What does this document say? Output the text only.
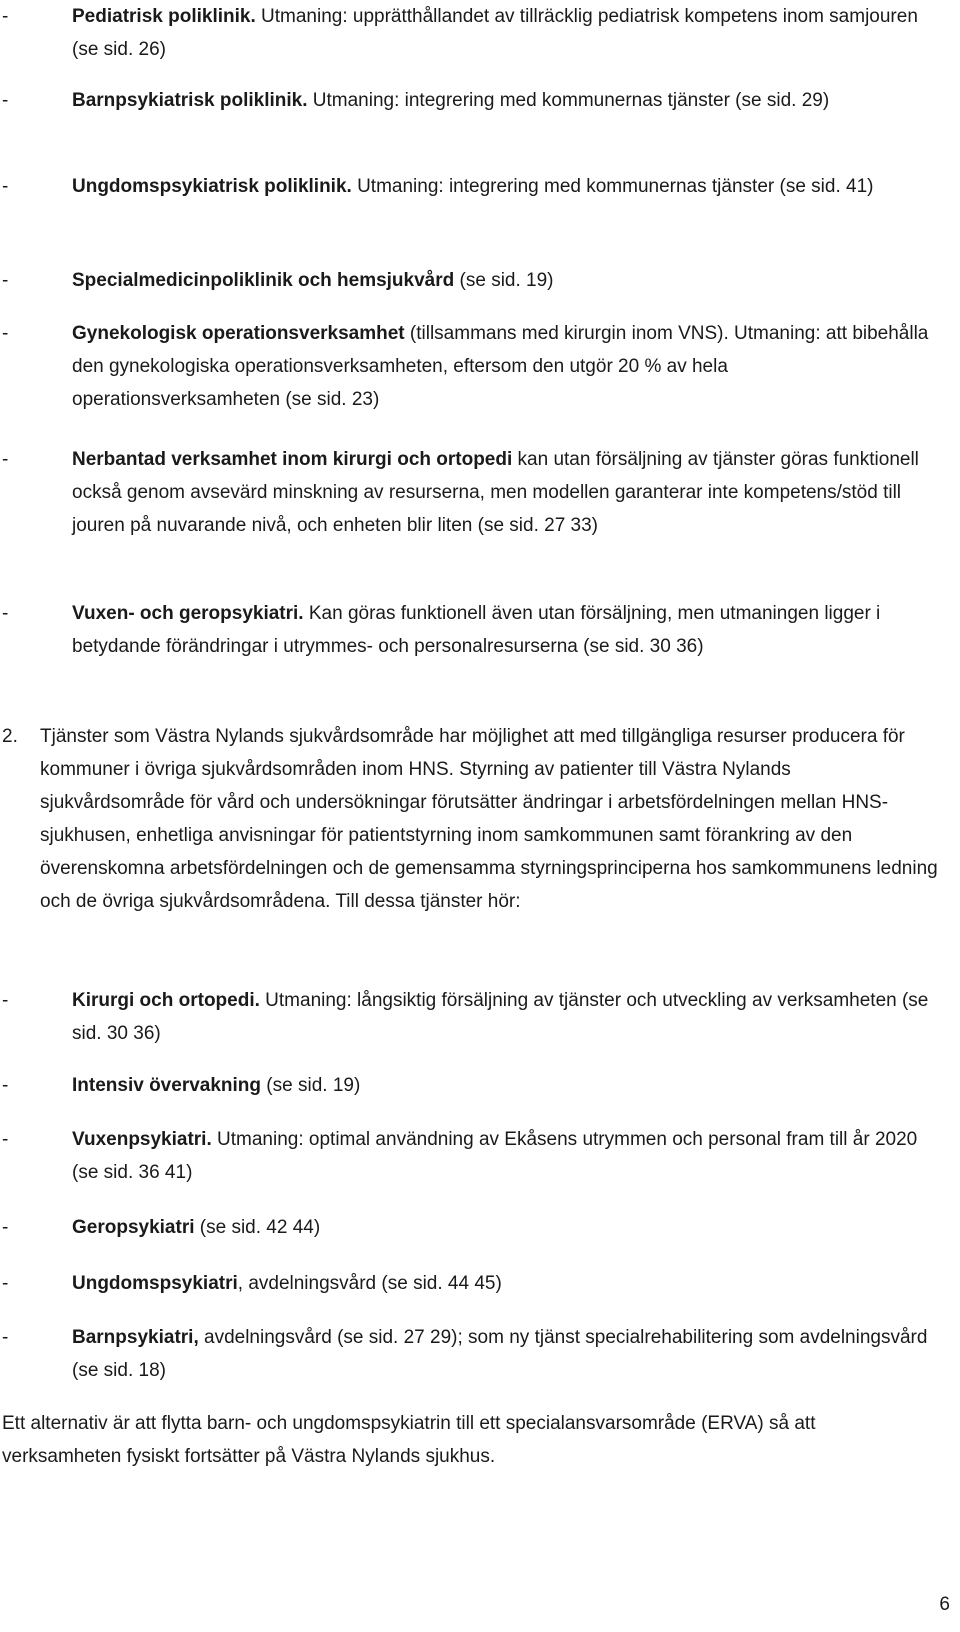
-	Pediatrisk poliklinik. Utmaning: upprätthållandet av tillräcklig pediatrisk kompetens inom samjouren (se sid. 26)
-	Barnpsykiatrisk poliklinik. Utmaning: integrering med kommunernas tjänster (se sid. 29)
-	Ungdomspsykiatrisk poliklinik. Utmaning: integrering med kommunernas tjänster (se sid. 41)
-	Specialmedicinpoliklinik och hemsjukvård (se sid. 19)
-	Gynekologisk operationsverksamhet (tillsammans med kirurgin inom VNS). Utmaning: att bibehålla den gynekologiska operationsverksamheten, eftersom den utgör 20 % av hela operationsverksamheten (se sid. 23)
-	Nerbantad verksamhet inom kirurgi och ortopedi kan utan försäljning av tjänster göras funktionell också genom avsevärd minskning av resurserna, men modellen garanterar inte kompetens/stöd till jouren på nuvarande nivå, och enheten blir liten (se sid. 27 33)
-	Vuxen- och geropsykiatri. Kan göras funktionell även utan försäljning, men utmaningen ligger i betydande förändringar i utrymmes- och personalresurserna (se sid. 30 36)
2.	Tjänster som Västra Nylands sjukvårdsområde har möjlighet att med tillgängliga resurser producera för kommuner i övriga sjukvårdsområden inom HNS. Styrning av patienter till Västra Nylands sjukvårdsområde för vård och undersökningar förutsätter ändringar i arbetsfördelningen mellan HNS-sjukhusen, enhetliga anvisningar för patientstyrning inom samkommunen samt förankring av den överenskomna arbetsfördelningen och de gemensamma styrningsprinciperna hos samkommunens ledning och de övriga sjukvårdsområdena. Till dessa tjänster hör:
-	Kirurgi och ortopedi. Utmaning: långsiktig försäljning av tjänster och utveckling av verksamheten (se sid. 30 36)
-	Intensiv övervakning (se sid. 19)
-	Vuxenpsykiatri. Utmaning: optimal användning av Ekåsens utrymmen och personal fram till år 2020 (se sid. 36 41)
-	Geropsykiatri (se sid. 42 44)
-	Ungdomspsykiatri, avdelningsvård (se sid. 44 45)
-	Barnpsykiatri, avdelningsvård (se sid. 27 29); som ny tjänst specialrehabilitering som avdelningsvård (se sid. 18)
Ett alternativ är att flytta barn- och ungdomspsykiatrin till ett specialansvarsområde (ERVA) så att verksamheten fysiskt fortsätter på Västra Nylands sjukhus.
6
